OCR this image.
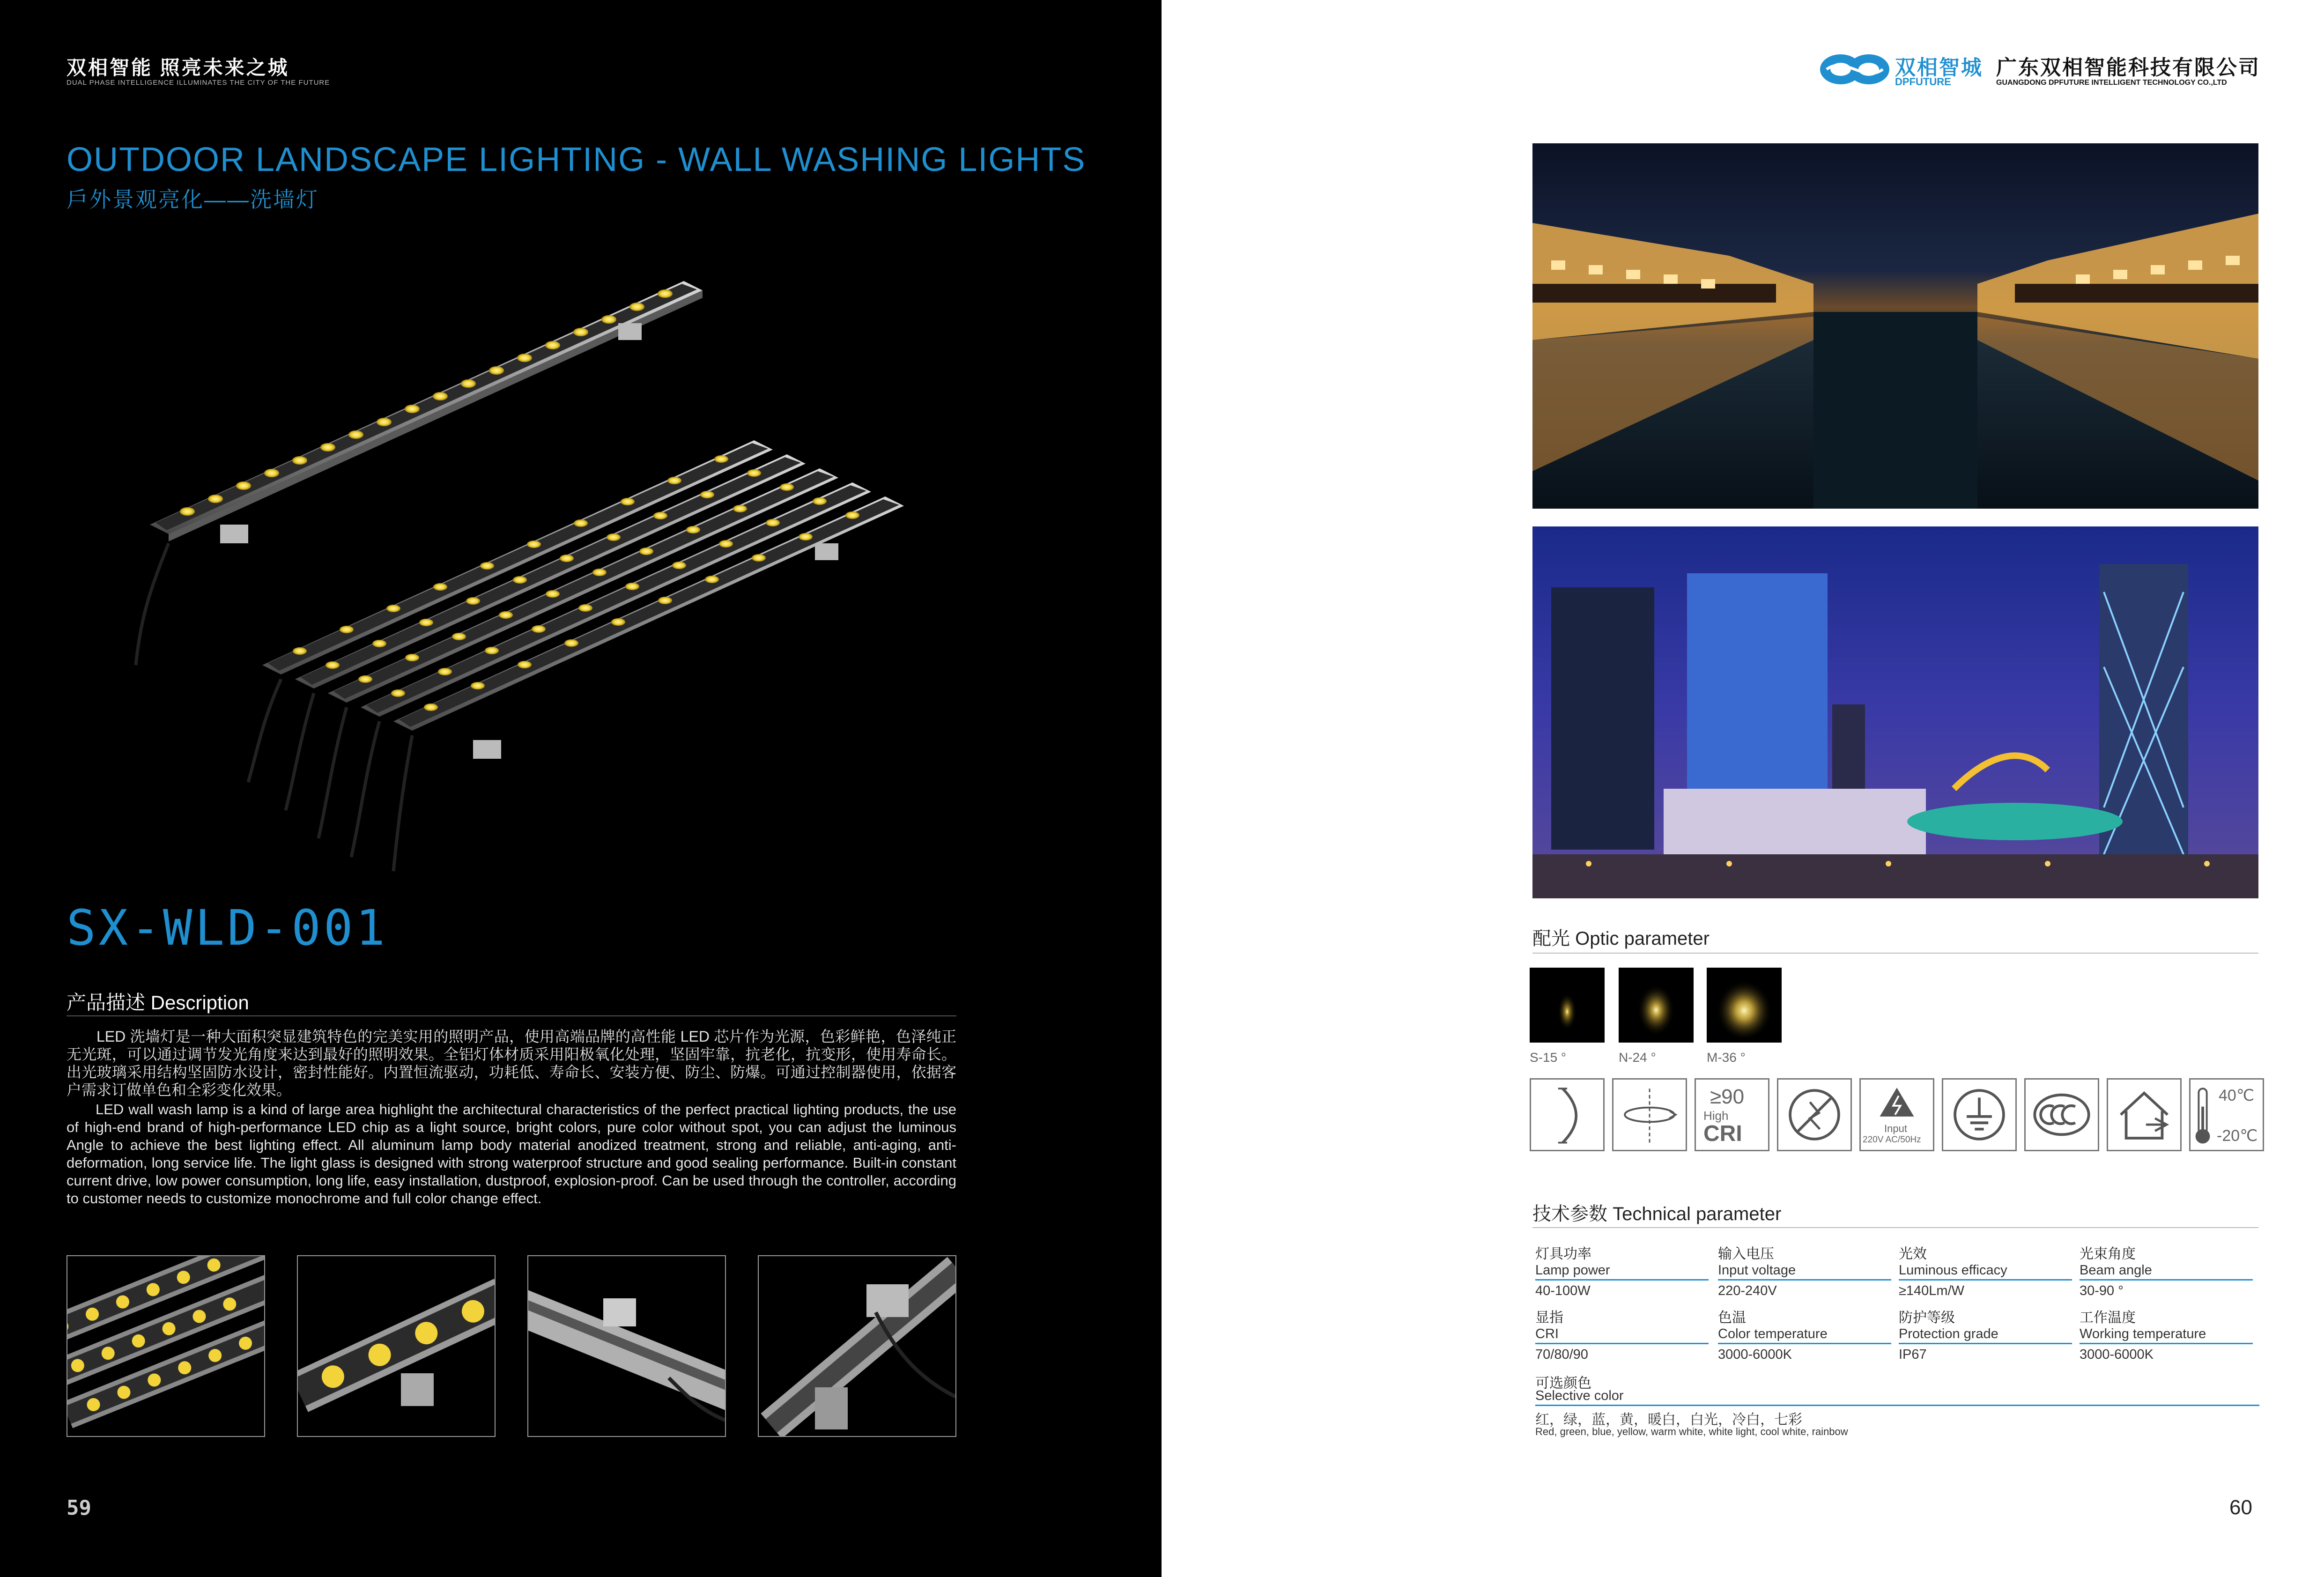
双相智能 照亮未来之城
DUAL PHASE INTELLIGENCE ILLUMINATES THE CITY OF THE FUTURE
OUTDOOR LANDSCAPE LIGHTING - WALL WASHING LIGHTS
戶外景观亮化——洗墙灯
SX-WLD-001
产品描述 Description
LED 洗墙灯是一种大面积突显建筑特色的完美实用的照明产品，使用高端品牌的高性能 LED 芯片作为光源，色彩鲜艳，色泽纯正无光斑，可以通过调节发光角度来达到最好的照明效果。全铝灯体材质采用阳极氧化处理，坚固牢靠，抗老化，抗变形，使用寿命长。出光玻璃采用结构坚固防水设计，密封性能好。内置恒流驱动，功耗低、寿命长、安装方便、防尘、防爆。可通过控制器使用，依据客户需求订做单色和全彩变化效果。
LED wall wash lamp is a kind of large area highlight the architectural characteristics of the perfect practical lighting products, the use of high-end brand of high-performance LED chip as a light source, bright colors, pure color without spot, you can adjust the luminous Angle to achieve the best lighting effect. All aluminum lamp body material anodized treatment, strong and reliable, anti-aging, anti-deformation, long service life. The light glass is designed with strong waterproof structure and good sealing performance. Built-in constant current drive, low power consumption, long life, easy installation, dustproof, explosion-proof. Can be used through the controller, according to customer needs to customize monochrome and full color change effect.
59
双相智城
DPFUTURE
广东双相智能科技有限公司
GUANGDONG DPFUTURE INTELLIGENT TECHNOLOGY CO.,LTD
配光 Optic parameter
S-15 °	N-24 °	M-36 °
≥90
High
CRI	Input
220V AC/50Hz
40℃
-20℃
技术参数 Technical parameter
灯具功率
Lamp power
40-100W
输入电压
Input voltage
220-240V
光效
Luminous efficacy
≥140Lm/W
光束角度
Beam angle
30-90 °
显指
CRI
70/80/90
色温
Color temperature
3000-6000K
防护等级
Protection grade
IP67
工作温度
Working temperature
3000-6000K
可选颜色
Selective color
红，绿，蓝，黄，暖白，白光，冷白，七彩
Red, green, blue, yellow, warm white, white light, cool white, rainbow
60
